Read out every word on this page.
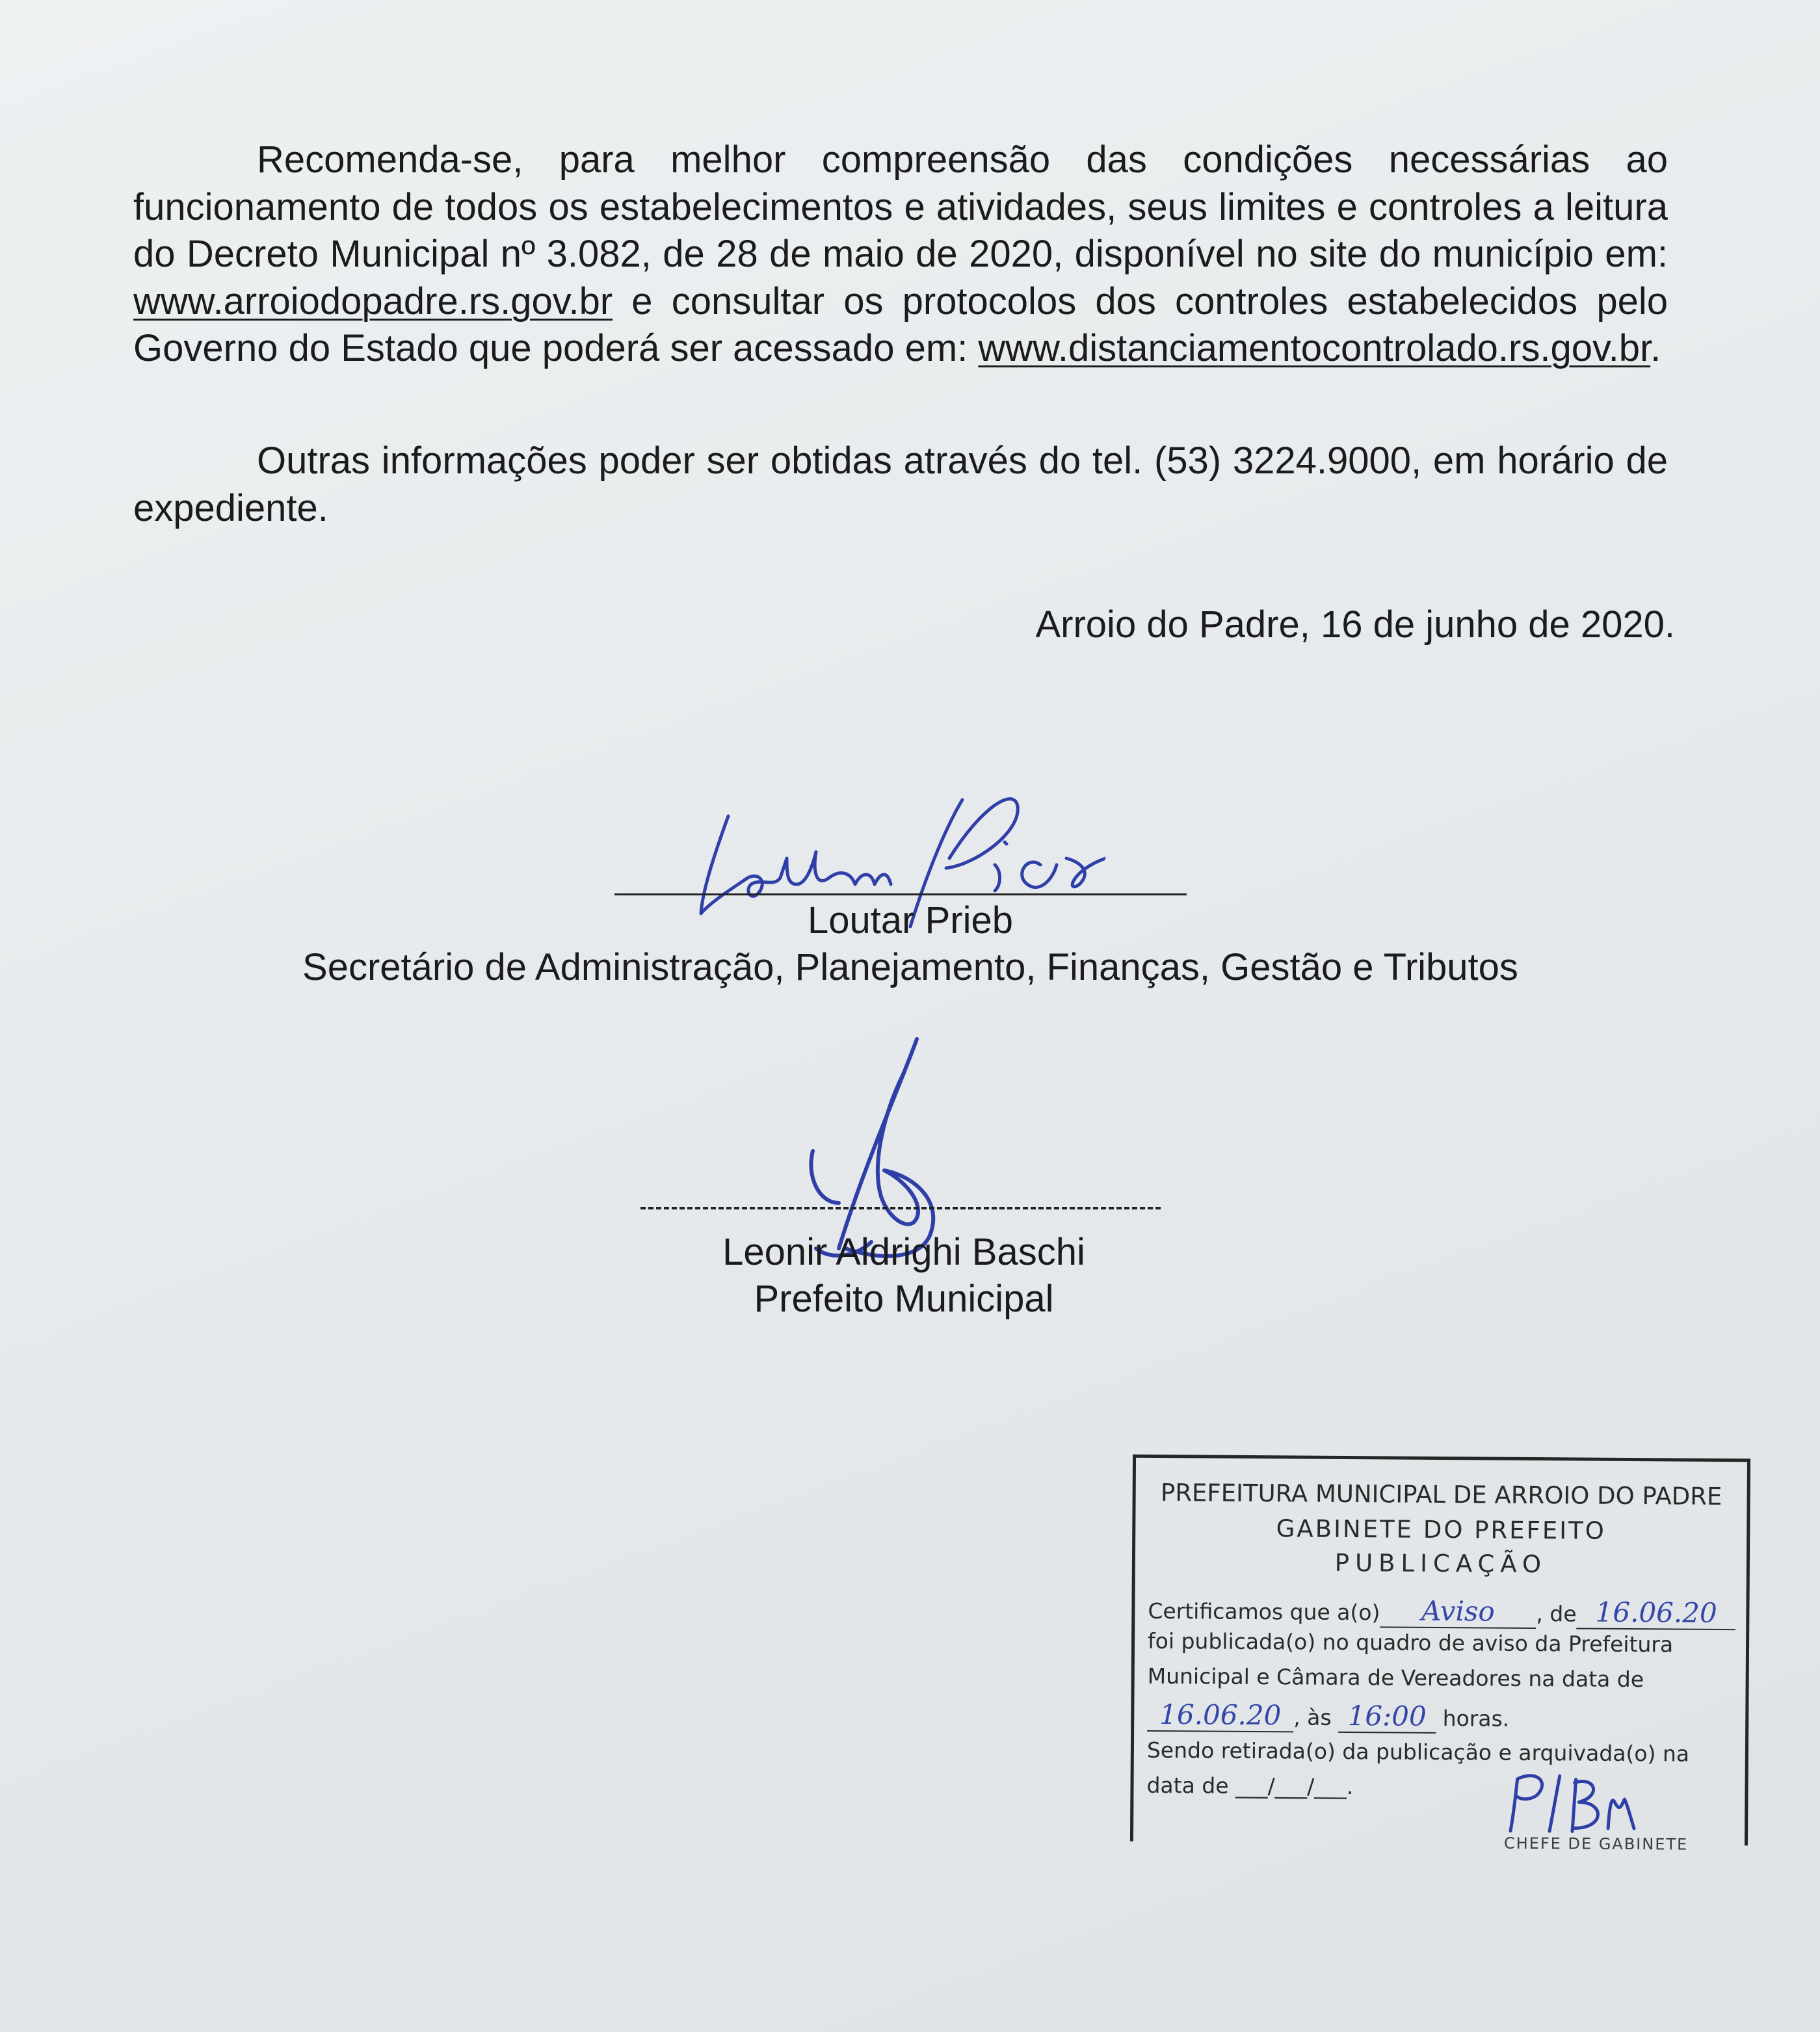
Recomenda-se, para melhor compreensão das condições necessárias ao funcionamento de todos os estabelecimentos e atividades, seus limites e controles a leitura do Decreto Municipal nº 3.082, de 28 de maio de 2020, disponível no site do município em: www.arroiodopadre.rs.gov.br e consultar os protocolos dos controles estabelecidos pelo Governo do Estado que poderá ser acessado em: www.distanciamentocontrolado.rs.gov.br.

Outras informações poder ser obtidas através do tel. (53) 3224.9000, em horário de expediente.

Arroio do Padre, 16 de junho de 2020.

Loutar Prieb
Secretário de Administração, Planejamento, Finanças, Gestão e Tributos
Leonir Aldrighi Baschi
Prefeito Municipal
PREFEITURA MUNICIPAL DE ARROIO DO PADRE
GABINETE DO PREFEITO
PUBLICAÇÃO
Certificamos que a(o) Aviso , de 16.06.20
foi publicada(o) no quadro de aviso da Prefeitura
Municipal e Câmara de Vereadores na data de
16.06.20 , às 16:00 horas.
Sendo retirada(o) da publicação e arquivada(o) na
data de ___/___/___.
CHEFE DE GABINETE
